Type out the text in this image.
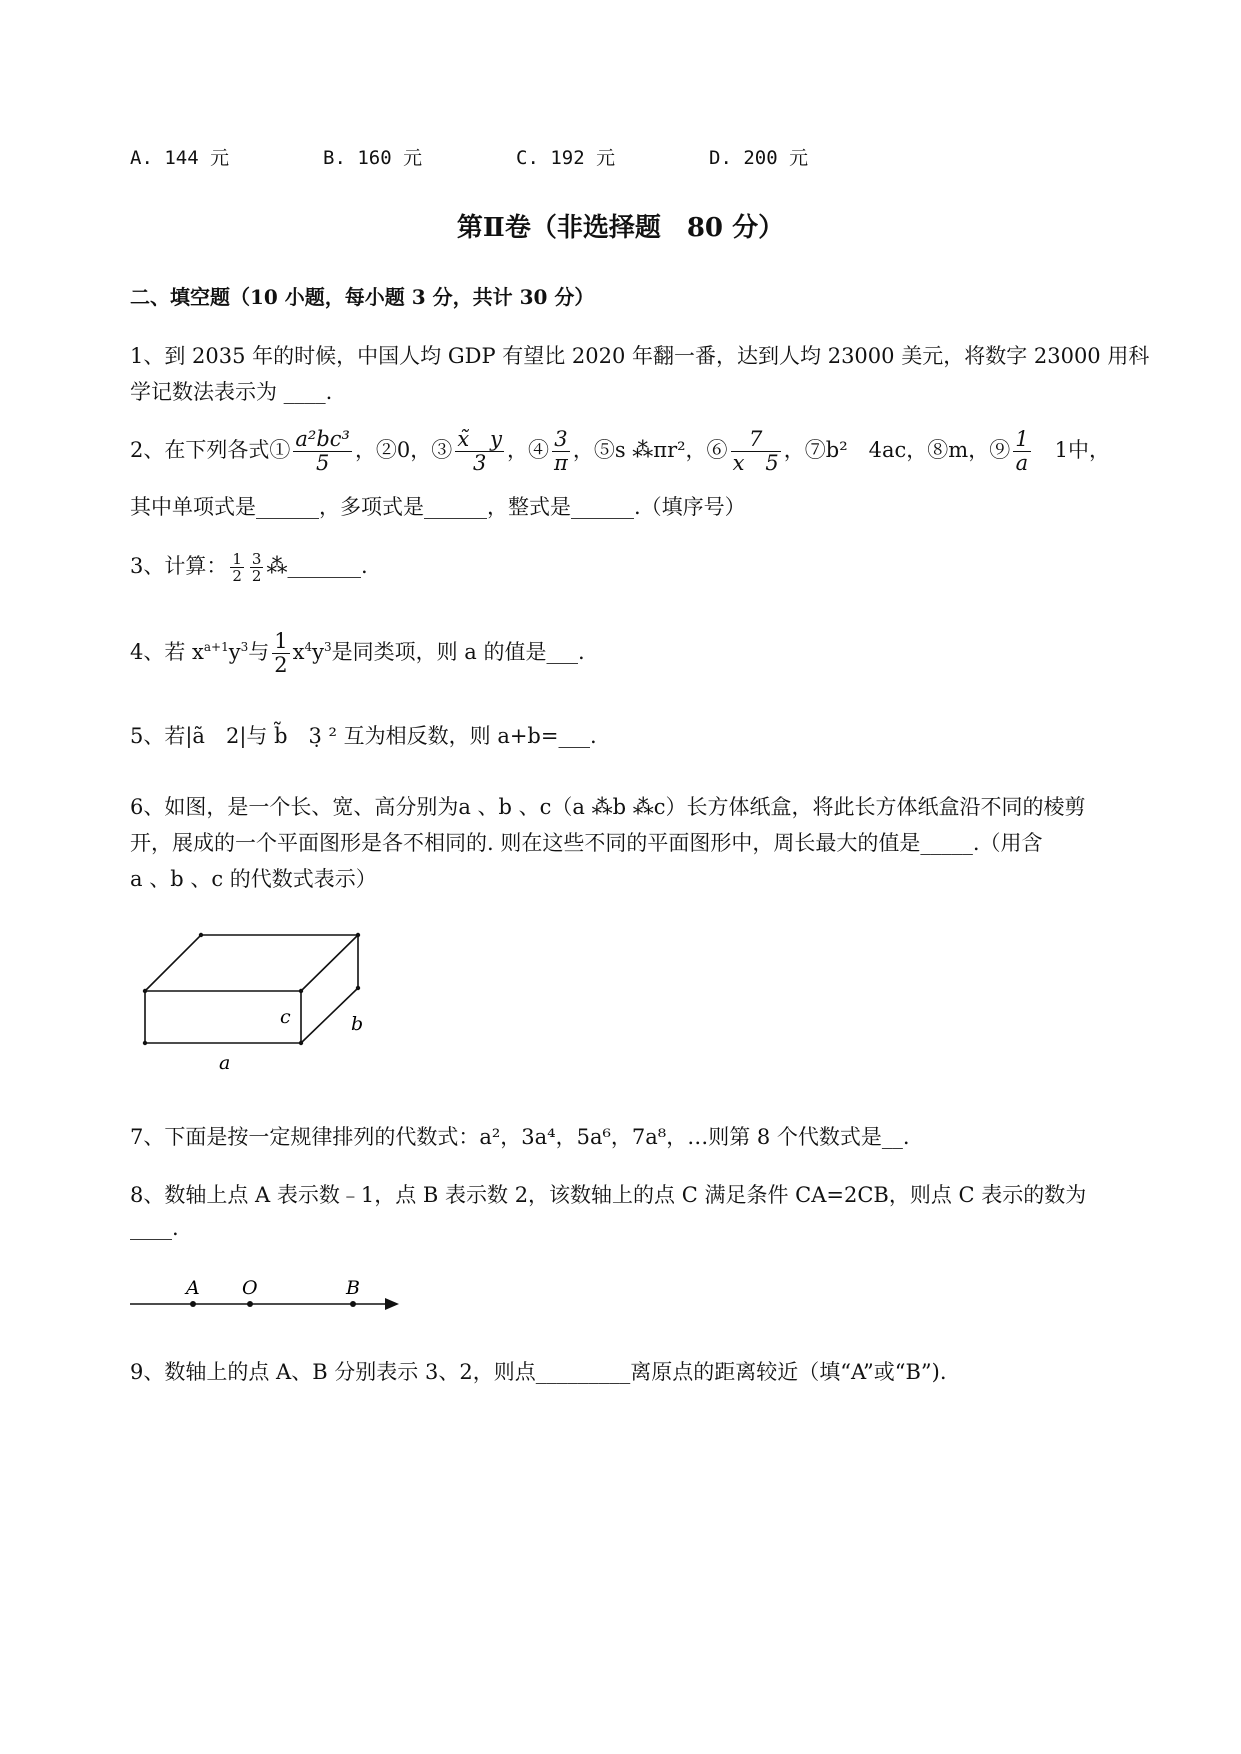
A. 144 元	B. 160 元	C. 192 元	D. 200 元
第Ⅱ卷（非选择题　80 分）
二、填空题（10 小题，每小题 3 分，共计 30 分）
1、到 2035 年的时候，中国人均 GDP 有望比 2020 年翻一番，达到人均 23000 美元，将数字 23000 用科
学记数法表示为 ____.
2、在下列各式① $\frac{\text{a²bc³}}{5}$ ，②0，③ $\frac{x̃ y}{3}$ ，④ $\frac{3}{\pi}$ ，⑤s ⁂πr²，⑥ $\frac{7}{x 5}$ ，⑦b²　4ac，⑧m，⑨ $\frac{1}{a}$ 　1中，
其中单项式是______，多项式是______，整式是______.（填序号）
3、计算： $\frac{1}{2} \frac{3}{2}$ ⁂_______.
4、若 $x^{a+1}y^3$与 $\frac{1}{2} x^4y^3$是同类项，则 a 的值是___.
5、若|ã　2|与 b̃　3̣ ² 互为相反数，则 a+b=___.
6、如图，是一个长、宽、高分别为a 、b 、c（a ⁂b ⁂c）长方体纸盒，将此长方体纸盒沿不同的棱剪
开，展成的一个平面图形是各不相同的. 则在这些不同的平面图形中，周长最大的值是_____.（用含
a 、b 、c 的代数式表示）
c	b
a
7、下面是按一定规律排列的代数式：a²，3a⁴，5a⁶，7a⁸，…则第 8 个代数式是__.
8、数轴上点 A 表示数﹣1，点 B 表示数 2，该数轴上的点 C 满足条件 CA=2CB，则点 C 表示的数为
____.
A O	B
9、数轴上的点 A、B 分别表示 3、2，则点_________离原点的距离较近（填“A”或“B”).
